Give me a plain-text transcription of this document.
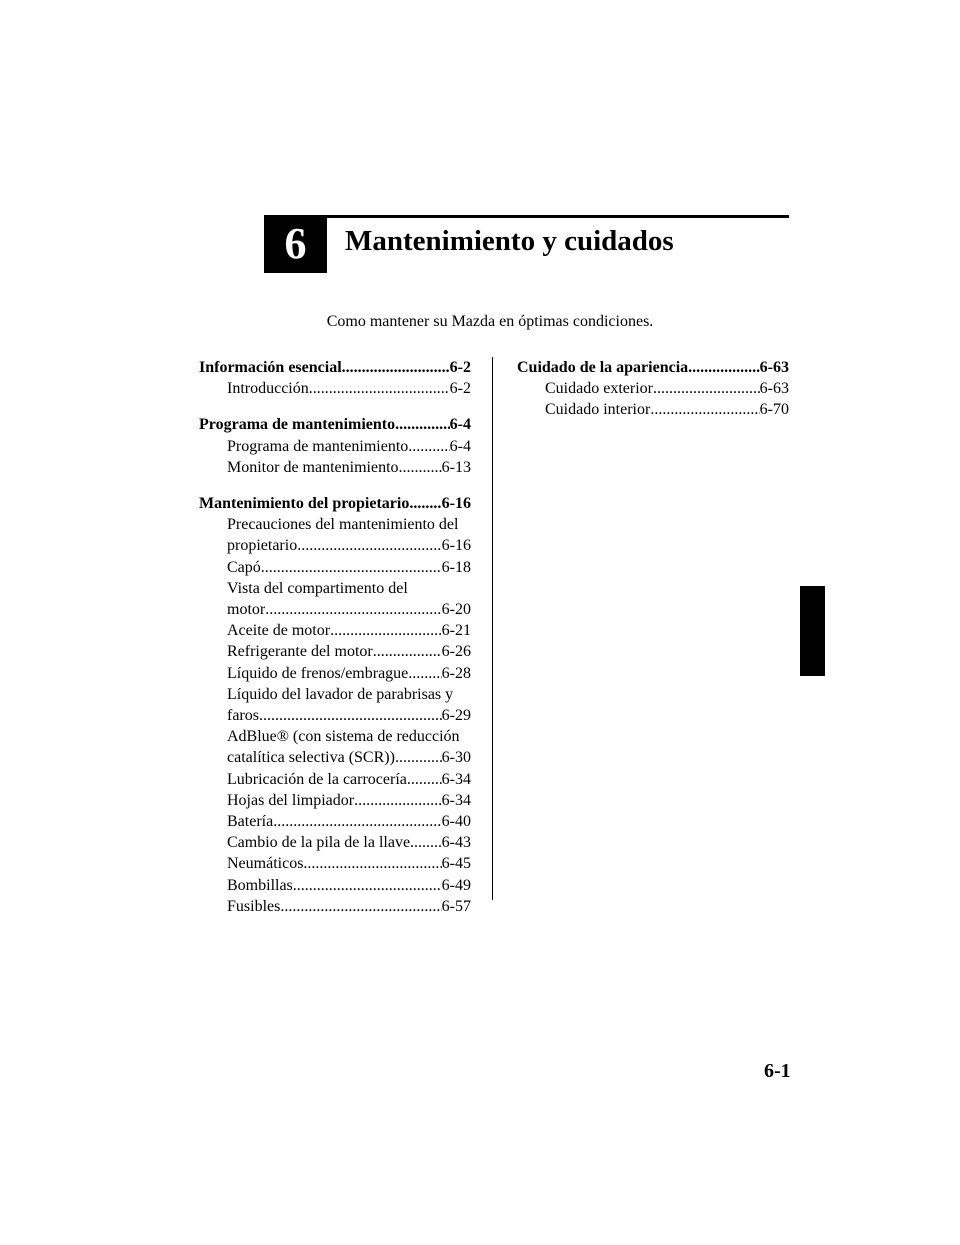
6	Mantenimiento y cuidados
Como mantener su Mazda en óptimas condiciones.
Información esencial .....	6-2
Introducción .....	6-2
Programa de mantenimiento .....	6-4
Programa de mantenimiento .....	6-4
Monitor de mantenimiento .....	6-13
Mantenimiento del propietario ..... 6-16
Precauciones del mantenimiento del
propietario .....	6-16
Capó .....	6-18
Vista del compartimento del
motor .....	6-20
Aceite de motor .....	6-21
Refrigerante del motor .....	6-26
Líquido de frenos/embrague ..... 6-28
Líquido del lavador de parabrisas y
faros .....	6-29
AdBlue® (con sistema de reducción
catalítica selectiva (SCR)) .....	6-30
Lubricación de la carrocería ..... 6-34
Hojas del limpiador .....	6-34
Batería .....	6-40
Cambio de la pila de la llave ..... 6-43
Neumáticos .....	6-45
Bombillas .....	6-49
Fusibles .....	6-57
Cuidado de la apariencia .....	6-63
Cuidado exterior .....	6-63
Cuidado interior .....	6-70
6-1
